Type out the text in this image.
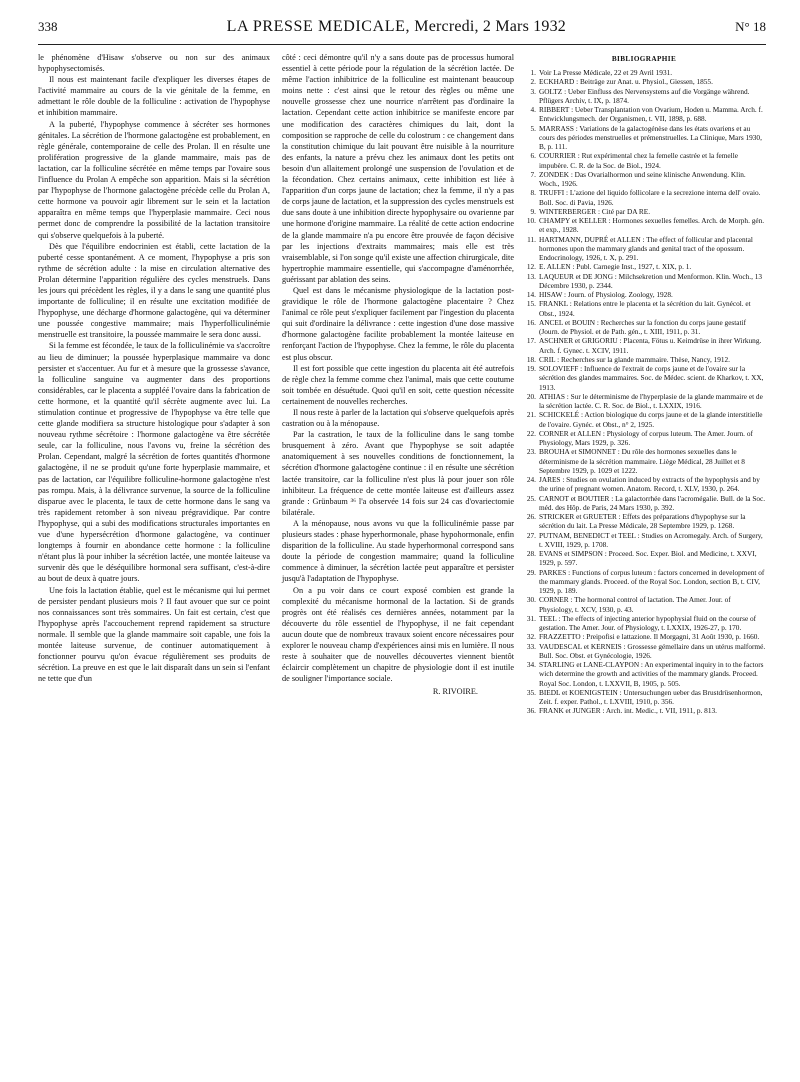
338	LA PRESSE MEDICALE, Mercredi, 2 Mars 1932	N° 18

le phénomène d'Hisaw s'observe ou non sur des animaux hypophysectomisés.

Il nous est maintenant facile d'expliquer les diverses étapes de l'activité mammaire au cours de la vie génitale de la femme, en admettant le rôle double de la folliculine : activation de l'hypophyse et inhibition mammaire.

A la puberté, l'hypophyse commence à sécréter ses hormones génitales. La sécrétion de l'hormone galactogène est probablement, en règle générale, contemporaine de celle des Prolan. Il en résulte une prolifération progressive de la glande mammaire, mais pas de lactation, car la folliculine sécrétée en même temps par l'ovaire sous l'influence du Prolan A empêche son apparition. Mais si la sécrétion par l'hypophyse de l'hormone galactogène précède celle du Prolan A, cette hormone va pouvoir agir librement sur le sein et la lactation apparaîtra en même temps que l'hyperplasie mammaire. Ceci nous permet donc de comprendre la possibilité de la lactation transitoire qui s'observe quelquefois à la puberté.

Dès que l'équilibre endocrinien est établi, cette lactation de la puberté cesse spontanément. A ce moment, l'hypophyse a pris son rythme de sécrétion adulte : la mise en circulation alternative des Prolan détermine l'apparition régulière des cycles menstruels. Dans les jours qui précèdent les règles, il y a dans le sang une quantité plus importante de folliculine; il en résulte une excitation modifiée de l'hypophyse, une décharge d'hormone galactogène, qui va déterminer une poussée congestive mammaire; mais l'hyperfolliculinémie menstruelle est transitoire, la poussée mammaire le sera donc aussi.

Si la femme est fécondée, le taux de la folliculinémie va s'accroître au lieu de diminuer; la poussée hyperplasique mammaire va donc persister et s'accentuer. Au fur et à mesure que la grossesse s'avance, la folliculine sanguine va augmenter dans des proportions considérables, car le placenta a suppléé l'ovaire dans la fabrication de cette hormone, et la quantité qu'il sécrète augmente avec lui. La stimulation continue et progressive de l'hypophyse va être telle que cette glande modifiera sa structure histologique pour s'adapter à son nouveau rythme sécrétoire : l'hormone galactogène va être sécrétée seule, car la folliculine, nous l'avons vu, freine la sécrétion des Prolan. Cependant, malgré la sécrétion de fortes quantités d'hormone galactogène, il ne se produit qu'une forte hyperplasie mammaire, et pas de lactation, car l'équilibre folliculine-hormone galactogène n'est pas rompu. Mais, à la délivrance survenue, la source de la folliculine disparue avec le placenta, le taux de cette hormone dans le sang va très rapidement retomber à son niveau prégravidique. Par contre l'hypophyse, qui a subi des modifications structurales importantes en vue d'une hypersécrétion d'hormone galactogène, va continuer longtemps à fournir en abondance cette hormone : la folliculine n'étant plus là pour inhiber la sécrétion lactée, une montée laiteuse va survenir dès que le déséquilibre hormonal sera suffisant, c'est-à-dire au bout de deux à quatre jours.

Une fois la lactation établie, quel est le mécanisme qui lui permet de persister pendant plusieurs mois ? Il faut avouer que sur ce point nos connaissances sont très sommaires. Un fait est certain, c'est que l'hypophyse après l'accouchement reprend rapidement sa structure normale. Il semble que la glande mammaire soit capable, une fois la montée laiteuse survenue, de continuer automatiquement à fonctionner pourvu qu'on évacue régulièrement ses produits de sécrétion. La preuve en est que le lait disparaît dans un sein si l'enfant ne tette que d'un

côté : ceci démontre qu'il n'y a sans doute pas de processus humoral essentiel à cette période pour la régulation de la sécrétion lactée. De même l'action inhibitrice de la folliculine est maintenant beaucoup moins nette : c'est ainsi que le retour des règles ou même une nouvelle grossesse chez une nourrice n'arrêtent pas d'ordinaire la lactation. Cependant cette action inhibitrice se manifeste encore par une modification des caractères chimiques du lait, dont la composition se rapproche de celle du colostrum : ce changement dans la constitution chimique du lait pouvant être nuisible à la nourriture des enfants, la nature a prévu chez les animaux dont les petits ont besoin d'un allaitement prolongé une suspension de l'ovulation et de la fécondation. Chez certains animaux, cette inhibition est liée à l'apparition d'un corps jaune de lactation; chez la femme, il n'y a pas de corps jaune de lactation, et la suppression des cycles menstruels est due sans doute à une inhibition directe hypophysaire ou ovarienne par une hormone d'origine mammaire. La réalité de cette action endocrine de la glande mammaire n'a pu encore être prouvée de façon décisive par les injections d'extraits mammaires; mais elle est très vraisemblable, si l'on songe qu'il existe une affection chirurgicale, dite hypertrophie mammaire essentielle, qui s'accompagne d'aménorrhée, guérissant par ablation des seins.

Quel est dans le mécanisme physiologique de la lactation post-gravidique le rôle de l'hormone galactogène placentaire ? Chez l'animal ce rôle peut s'expliquer facilement par l'ingestion du placenta qui suit d'ordinaire la délivrance : cette ingestion d'une dose massive d'hormone galactogène facilite probablement la montée laiteuse en renforçant l'action de l'hypophyse. Chez la femme, le rôle du placenta est plus obscur.

Il est fort possible que cette ingestion du placenta ait été autrefois de règle chez la femme comme chez l'animal, mais que cette coutume soit tombée en désuétude. Quoi qu'il en soit, cette question nécessite certainement de nouvelles recherches.

Il nous reste à parler de la lactation qui s'observe quelquefois après castration ou à la ménopause.

Par la castration, le taux de la folliculine dans le sang tombe brusquement à zéro. Avant que l'hypophyse se soit adaptée anatomiquement à ses nouvelles conditions de fonctionnement, la sécrétion d'hormone galactogène continue : il en résulte une sécrétion lactée transitoire, car la folliculine n'est plus là pour jouer son rôle inhibiteur. La fréquence de cette montée laiteuse est d'ailleurs assez grande : Grünbaum ³⁶ l'a observée 14 fois sur 24 cas d'ovariectomie bilatérale.

A la ménopause, nous avons vu que la folliculinémie passe par plusieurs stades : phase hyperhormonale, phase hypohormonale, enfin disparition de la folliculine. Au stade hyperhormonal correspond sans doute la période de congestion mammaire; quand la folliculine commence à diminuer, la sécrétion lactée peut apparaître et persister jusqu'à l'adaptation de l'hypophyse.

On a pu voir dans ce court exposé combien est grande la complexité du mécanisme hormonal de la lactation. Si de grands progrès ont été réalisés ces dernières années, notamment par la découverte du rôle essentiel de l'hypophyse, il ne fait cependant aucun doute que de nombreux travaux soient encore nécessaires pour explorer le nouveau champ d'expériences ainsi mis en lumière. Il nous reste à souhaiter que de nouvelles découvertes viennent bientôt éclaircir complètement un chapitre de physiologie dont il est inutile de souligner l'importance sociale.

R. RIVOIRE.
BIBLIOGRAPHIE
1. Voir La Presse Médicale, 22 et 29 Avril 1931.
2. ECKHARD : Beiträge zur Anat. u. Physiol., Giessen, 1855.
3. GOLTZ : Ueber Einfluss des Nervensystems auf die Vorgänge während. Pflügers Archiv, t. IX, p. 1874.
4. RIBBERT : Ueber Transplantation von Ovarium, Hoden u. Mamma. Arch. f. Entwicklungsmech. der Organismen, t. VII, 1898, p. 688.
5. MARRASS : Variations de la galactogénèse dans les états ovariens et au cours des périodes menstruelles et prémenstruelles. La Clinique, Mars 1930, B, p. 111.
6. COURRIER : Rut expérimental chez la femelle castrée et la femelle impubère. C. R. de la Soc. de Biol., 1924.
7. ZONDEK : Das Ovarialhormon und seine klinische Anwendung. Klin. Woch., 1926.
8. TRUFFI : L'azione del liquido follicolare e la secrezione interna dell' ovaio. Boll. Soc. di Pavia, 1926.
9. WINTERBERGER : Cité par DA RE.
10. CHAMPY et KELLER : Hormones sexuelles femelles. Arch. de Morph. gén. et exp., 1928.
11. HARTMANN, DUPRÉ et ALLEN : The effect of follicular and placental hormones upon the mammary glands and genital tract of the opossum. Endocrinology, 1926, t. X, p. 291.
12. E. ALLEN : Publ. Carnegie Inst., 1927, t. XIX, p. 1.
13. LAQUEUR et DE JONG : Milchsekretion und Menformon. Klin. Woch., 13 Décembre 1930, p. 2344.
14. HISAW : Journ. of Physiolog. Zoology, 1928.
15. FRANKL : Relations entre le placenta et la sécrétion du lait. Gynécol. et Obst., 1924.
16. ANCEL et BOUIN : Recherches sur la fonction du corps jaune gestatif (Journ. de Physiol. et de Path. gén., t. XIII, 1911, p. 31.
17. ASCHNER et GRIGORIU : Placenta, Fötus u. Keimdrüse in ihrer Wirkung. Arch. f. Gynec. t. XCIV, 1911.
18. CRIL : Recherches sur la glande mammaire. Thèse, Nancy, 1912.
19. SOLOVIEFF : Influence de l'extrait de corps jaune et de l'ovaire sur la sécrétion des glandes mammaires. Soc. de Médec. scient. de Kharkov, t. XX, 1913.
20. ATHIAS : Sur le déterminisme de l'hyperplasie de la glande mammaire et de la sécrétion lactée. C. R. Soc. de Biol., t. LXXIX, 1916.
21. SCHICKELÉ : Action biologique du corps jaune et de la glande interstitielle de l'ovaire. Gynéc. et Obst., n° 2, 1925.
22. CORNER et ALLEN : Physiology of corpus luteum. The Amer. Journ. of Physiology, Mars 1929, p. 326.
23. BROUHA et SIMONNET : Du rôle des hormones sexuelles dans le déterminisme de la sécrétion mammaire. Liège Médical, 28 Juillet et 8 Septembre 1929, p. 1029 et 1222.
24. JARES : Studies on ovulation induced by extracts of the hypophysis and by the urine of pregnant women. Anatom. Record, t. XLV, 1930, p. 264.
25. CARNOT et BOUTIER : La galactorrhée dans l'acromégalie. Bull. de la Soc. méd. des Hôp. de Paris, 24 Mars 1930, p. 392.
26. STRICKER et GRUETER : Effets des préparations d'hypophyse sur la sécrétion du lait. La Presse Médicale, 28 Septembre 1929, p. 1268.
27. PUTNAM, BENEDICT et TEEL : Studies on Acromegaly. Arch. of Surgery, t. XVIII, 1929, p. 1708.
28. EVANS et SIMPSON : Proceed. Soc. Exper. Biol. and Medicine, t. XXVI, 1929, p. 597.
29. PARKES : Functions of corpus luteum : factors concerned in development of the mammary glands. Proceed. of the Royal Soc. London, section B, t. CIV, 1929, p. 189.
30. CORNER : The hormonal control of lactation. The Amer. Jour. of Physiology, t. XCV, 1930, p. 43.
31. TEEL : The effects of injecting anterior hypophysial fluid on the course of gestation. The Amer. Jour. of Physiology, t. LXXIX, 1926-27, p. 170.
32. FRAZZETTO : Preipofisi e lattazione. Il Morgagni, 31 Août 1930, p. 1660.
33. VAUDESCAL et KERNEIS : Grossesse gémellaire dans un utérus malformé. Bull. Soc. Obst. et Gynécologie, 1926.
34. STARLING et LANE-CLAYPON : An experimental inquiry in to the factors wich determine the growth and activities of the mammary glands. Proceed. Royal Soc. London, t. LXXVII, B, 1905, p. 505.
35. BIEDL et KOENIGSTEIN : Untersuchungen ueber das Brustdrüsenhormon, Zeit. f. exper. Pathol., t. LXVIII, 1910, p. 356.
36. FRANK et JUNGER : Arch. int. Medic., t. VII, 1911, p. 813.
